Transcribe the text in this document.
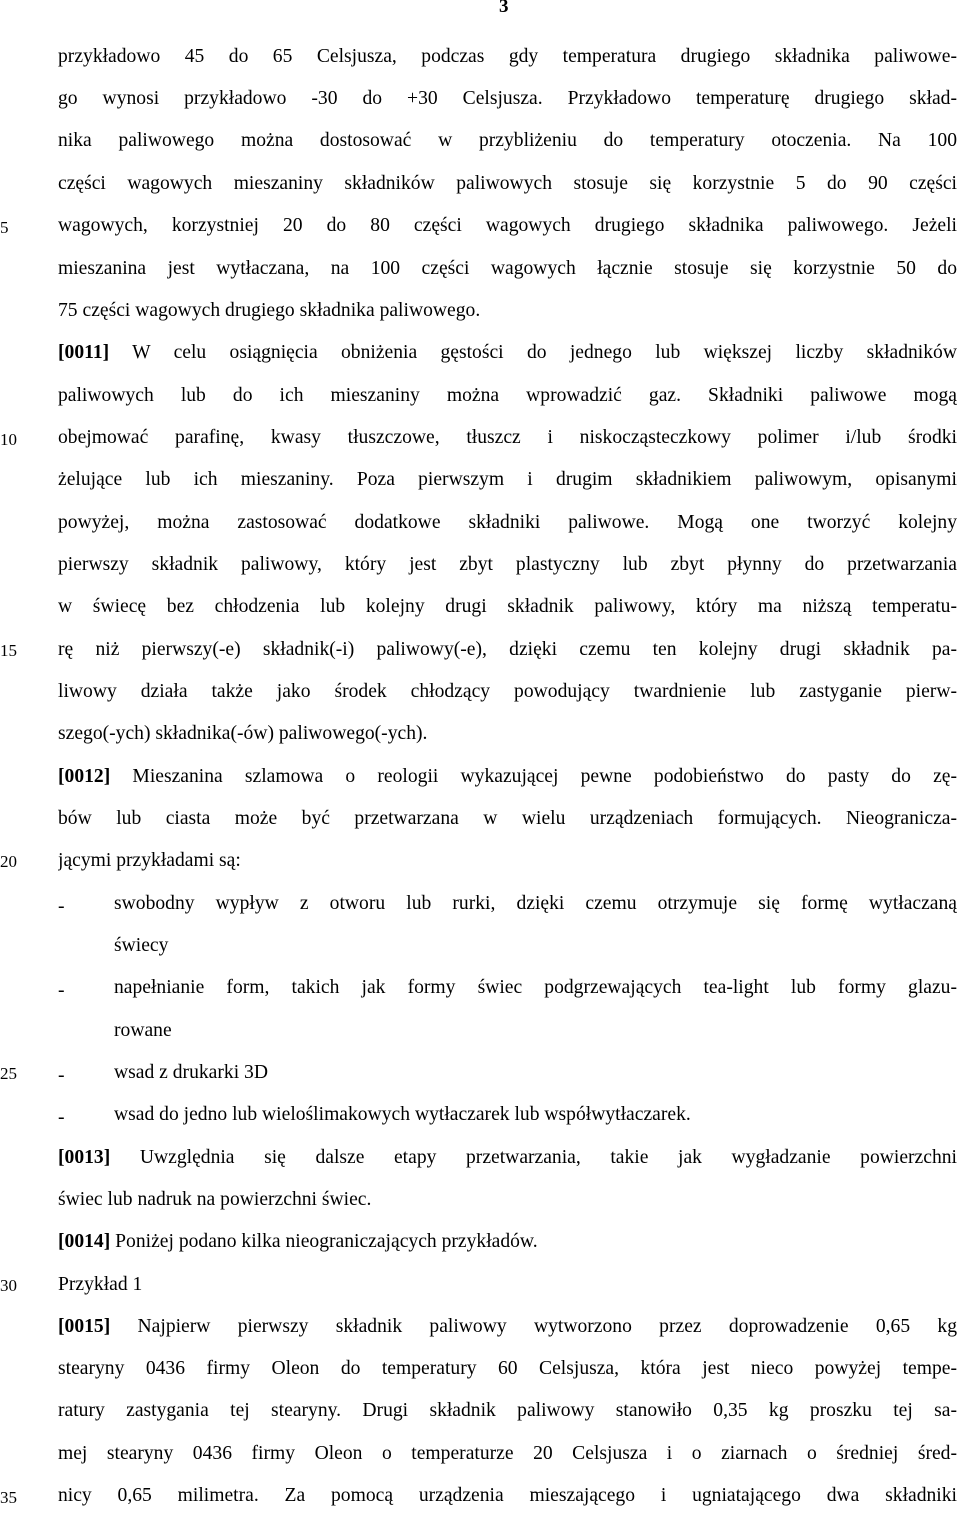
3
5
10
15
20
25
30
35
przykładowo 45 do 65 Celsjusza, podczas gdy temperatura drugiego składnika paliwowe-
go wynosi przykładowo -30 do +30 Celsjusza. Przykładowo temperaturę drugiego skład-
nika paliwowego można dostosować w przybliżeniu do temperatury otoczenia. Na 100
części wagowych mieszaniny składników paliwowych stosuje się korzystnie 5 do 90 części
wagowych, korzystniej 20 do 80 części wagowych drugiego składnika paliwowego. Jeżeli
mieszanina jest wytłaczana, na 100 części wagowych łącznie stosuje się korzystnie 50 do
75 części wagowych drugiego składnika paliwowego.
[0011] W celu osiągnięcia obniżenia gęstości do jednego lub większej liczby składników
paliwowych lub do ich mieszaniny można wprowadzić gaz. Składniki paliwowe mogą
obejmować parafinę, kwasy tłuszczowe, tłuszcz i niskocząsteczkowy polimer i/lub środki
żelujące lub ich mieszaniny. Poza pierwszym i drugim składnikiem paliwowym, opisanymi
powyżej, można zastosować dodatkowe składniki paliwowe. Mogą one tworzyć kolejny
pierwszy składnik paliwowy, który jest zbyt plastyczny lub zbyt płynny do przetwarzania
w świecę bez chłodzenia lub kolejny drugi składnik paliwowy, który ma niższą temperatu-
rę niż pierwszy(-e) składnik(-i) paliwowy(-e), dzięki czemu ten kolejny drugi składnik pa-
liwowy działa także jako środek chłodzący powodujący twardnienie lub zastyganie pierw-
szego(-ych) składnika(-ów) paliwowego(-ych).
[0012] Mieszanina szlamowa o reologii wykazującej pewne podobieństwo do pasty do zę-
bów lub ciasta może być przetwarzana w wielu urządzeniach formujących. Nieogranicza-
jącymi przykładami są:
-	swobodny wypływ z otworu lub rurki, dzięki czemu otrzymuje się formę wytłaczaną
świecy
-	napełnianie form, takich jak formy świec podgrzewających tea-light lub formy glazu-
rowane
-	wsad z drukarki 3D
-	wsad do jedno lub wieloślimakowych wytłaczarek lub współwytłaczarek.
[0013] Uwzględnia się dalsze etapy przetwarzania, takie jak wygładzanie powierzchni
świec lub nadruk na powierzchni świec.
[0014] Poniżej podano kilka nieograniczających przykładów.
Przykład 1
[0015] Najpierw pierwszy składnik paliwowy wytworzono przez doprowadzenie 0,65 kg
stearyny 0436 firmy Oleon do temperatury 60 Celsjusza, która jest nieco powyżej tempe-
ratury zastygania tej stearyny. Drugi składnik paliwowy stanowiło 0,35 kg proszku tej sa-
mej stearyny 0436 firmy Oleon o temperaturze 20 Celsjusza i o ziarnach o średniej śred-
nicy 0,65 milimetra. Za pomocą urządzenia mieszającego i ugniatającego dwa składniki
